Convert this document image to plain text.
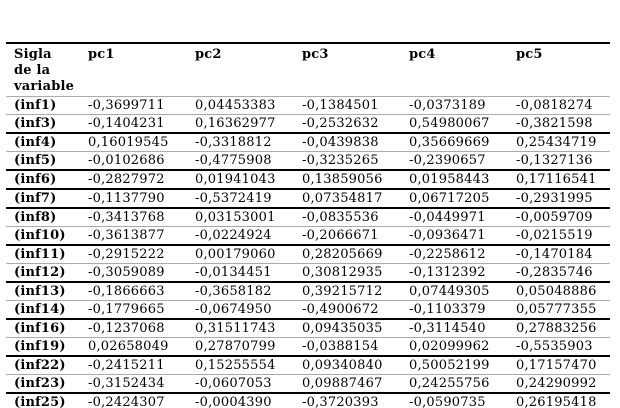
Sigla de la variable	pc1	pc2	pc3	pc4	pc5
(inf1)	-0,3699711	0,04453383	-0,1384501	-0,0373189	-0,0818274
(inf3)	-0,1404231	0,16362977	-0,2532632	0,54980067	-0,3821598
(inf4)	0,16019545	-0,3318812	-0,0439838	0,35669669	0,25434719
(inf5)	-0,0102686	-0,4775908	-0,3235265	-0,2390657	-0,1327136
(inf6)	-0,2827972	0,01941043	0,13859056	0,01958443	0,17116541
(inf7)	-0,1137790	-0,5372419	0,07354817	0,06717205	-0,2931995
(inf8)	-0,3413768	0,03153001	-0,0835536	-0,0449971	-0,0059709
(inf10)	-0,3613877	-0,0224924	-0,2066671	-0,0936471	-0,0215519
(inf11)	-0,2915222	0,00179060	0,28205669	-0,2258612	-0,1470184
(inf12)	-0,3059089	-0,0134451	0,30812935	-0,1312392	-0,2835746
(inf13)	-0,1866663	-0,3658182	0,39215712	0,07449305	0,05048886
(inf14)	-0,1779665	-0,0674950	-0,4900672	-0,1103379	0,05777355
(inf16)	-0,1237068	0,31511743	0,09435035	-0,3114540	0,27883256
(inf19)	0,02658049	0,27870799	-0,0388154	0,02099962	-0,5535903
(inf22)	-0,2415211	0,15255554	0,09340840	0,50052199	0,17157470
(inf23)	-0,3152434	-0,0607053	0,09887467	0,24255756	0,24290992
(inf25)	-0,2424307	-0,0004390	-0,3720393	-0,0590735	0,26195418
